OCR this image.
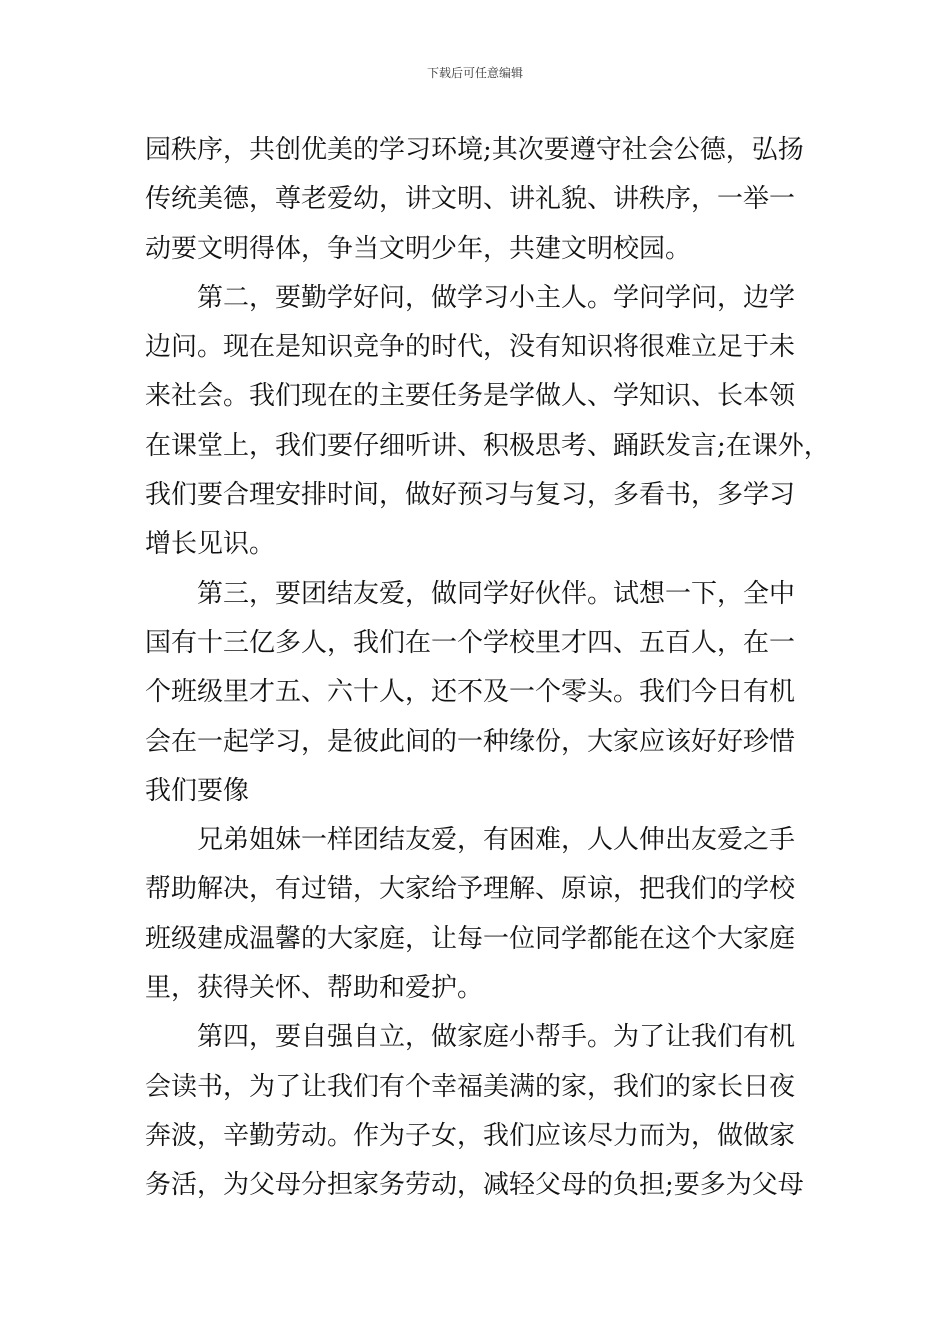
下载后可任意编辑
园秩序，共创优美的学习环境;其次要遵守社会公德，弘扬
传统美德，尊老爱幼，讲文明、讲礼貌、讲秩序，一举一
动要文明得体，争当文明少年，共建文明校园。
第二，要勤学好问，做学习小主人。学问学问，边学
边问。现在是知识竞争的时代，没有知识将很难立足于未
来社会。我们现在的主要任务是学做人、学知识、长本领
在课堂上，我们要仔细听讲、积极思考、踊跃发言;在课外，
我们要合理安排时间，做好预习与复习，多看书，多学习
增长见识。
第三，要团结友爱，做同学好伙伴。试想一下，全中
国有十三亿多人，我们在一个学校里才四、五百人，在一
个班级里才五、六十人，还不及一个零头。我们今日有机
会在一起学习，是彼此间的一种缘份，大家应该好好珍惜
我们要像
兄弟姐妹一样团结友爱，有困难，人人伸出友爱之手
帮助解决，有过错，大家给予理解、原谅，把我们的学校
班级建成温馨的大家庭，让每一位同学都能在这个大家庭
里，获得关怀、帮助和爱护。
第四，要自强自立，做家庭小帮手。为了让我们有机
会读书，为了让我们有个幸福美满的家，我们的家长日夜
奔波，辛勤劳动。作为子女，我们应该尽力而为，做做家
务活，为父母分担家务劳动，减轻父母的负担;要多为父母
